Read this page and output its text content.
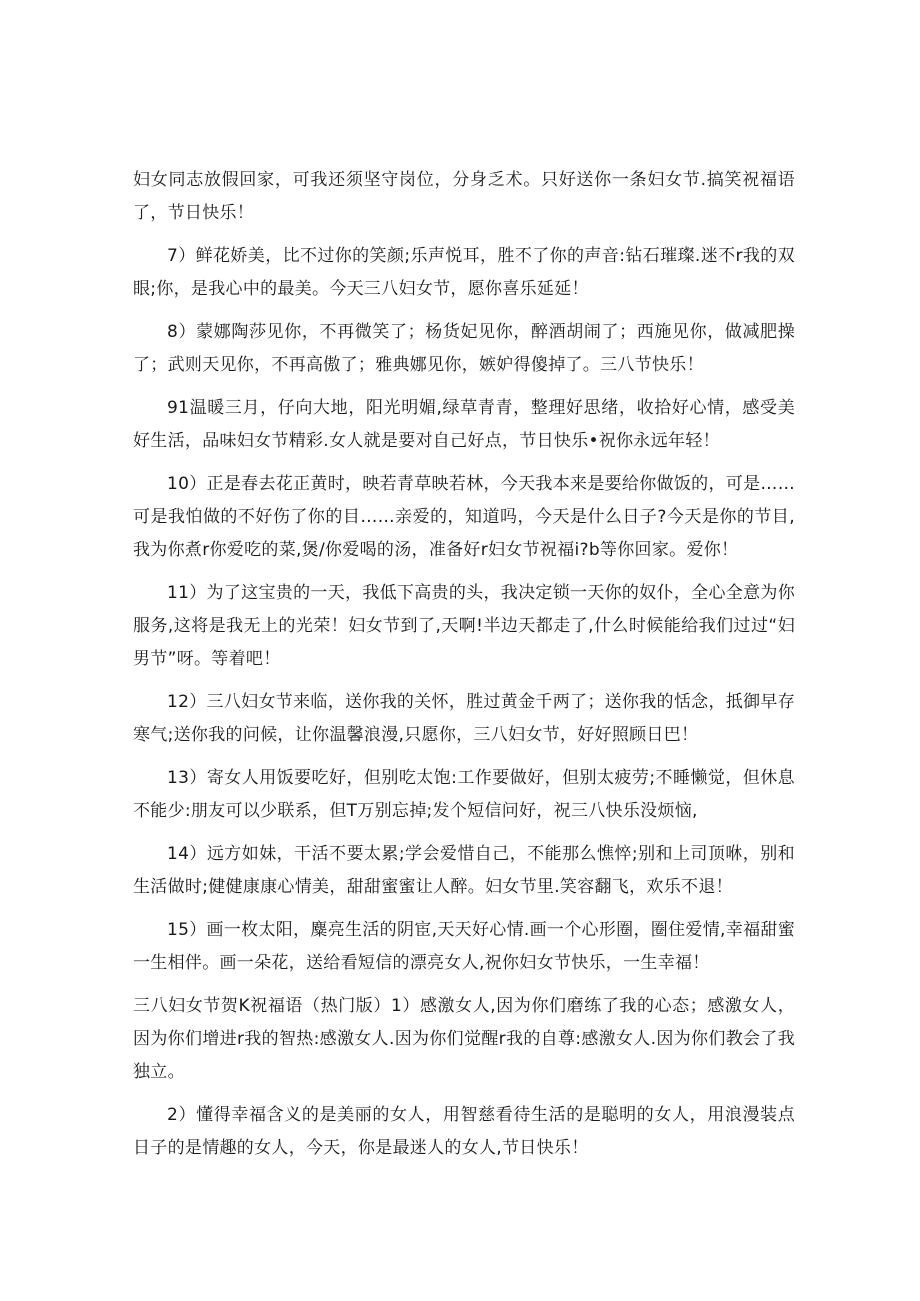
妇女同志放假回家，可我还须坚守岗位，分身乏术。只好送你一条妇女节.搞笑祝福语了，节日快乐！

7）鲜花娇美，比不过你的笑颜;乐声悦耳，胜不了你的声音:钻石璀璨.迷不r我的双眼;你，是我心中的最美。今天三八妇女节，愿你喜乐延延！

8）蒙娜陶莎见你，不再微笑了；杨货妃见你，醉酒胡闹了；西施见你，做减肥操了；武则天见你，不再高傲了；雅典娜见你，嫉妒得傻掉了。三八节快乐！

91温暖三月，仔向大地，阳光明媚,绿草青青，整理好思绪，收拾好心情，感受美好生活，品味妇女节精彩.女人就是要对自己好点，节日快乐•祝你永远年轻！

10）正是春去花正黄时，映若青草映若林，今天我本来是要给你做饭的，可是……可是我怕做的不好伤了你的目……亲爱的，知道吗，今天是什么日子?今天是你的节目,我为你煮r你爱吃的菜,煲/你爱喝的汤，准备好r妇女节祝福i?b等你回家。爱你！

11）为了这宝贵的一天，我低下高贵的头，我决定锁一天你的奴仆，全心全意为你服务,这将是我无上的光荣！妇女节到了,天啊!半边天都走了,什么时候能给我们过过“妇男节”呀。等着吧！

12）三八妇女节来临，送你我的关怀，胜过黄金千两了；送你我的恬念，抵御早存寒气;送你我的问候，让你温馨浪漫,只愿你，三八妇女节，好好照顾日巴！

13）寄女人用饭要吃好，但别吃太饱:工作要做好，但别太疲劳;不睡懒觉，但休息不能少:朋友可以少联系，但T万别忘掉;发个短信问好，祝三八快乐没烦恼,

14）远方如妹，干活不要太累;学会爱惜自己，不能那么憔悴;别和上司顶咻，别和生活做时;健健康康心情美，甜甜蜜蜜让人醉。妇女节里.笑容翻飞，欢乐不退！

15）画一枚太阳，麋亮生活的阴宦,天天好心情.画一个心形圈，圈住爱情,幸福甜蜜一生相伴。画一朵花，送给看短信的漂亮女人,祝你妇女节快乐，一生幸福！

三八妇女节贺K祝福语（热门版）1）感激女人,因为你们磨练了我的心态；感激女人，因为你们增进r我的智热:感激女人.因为你们觉醒r我的自尊:感激女人.因为你们教会了我独立。

2）懂得幸福含义的是美丽的女人，用智慈看待生活的是聪明的女人，用浪漫装点日子的是情趣的女人，今天，你是最迷人的女人,节日快乐！
